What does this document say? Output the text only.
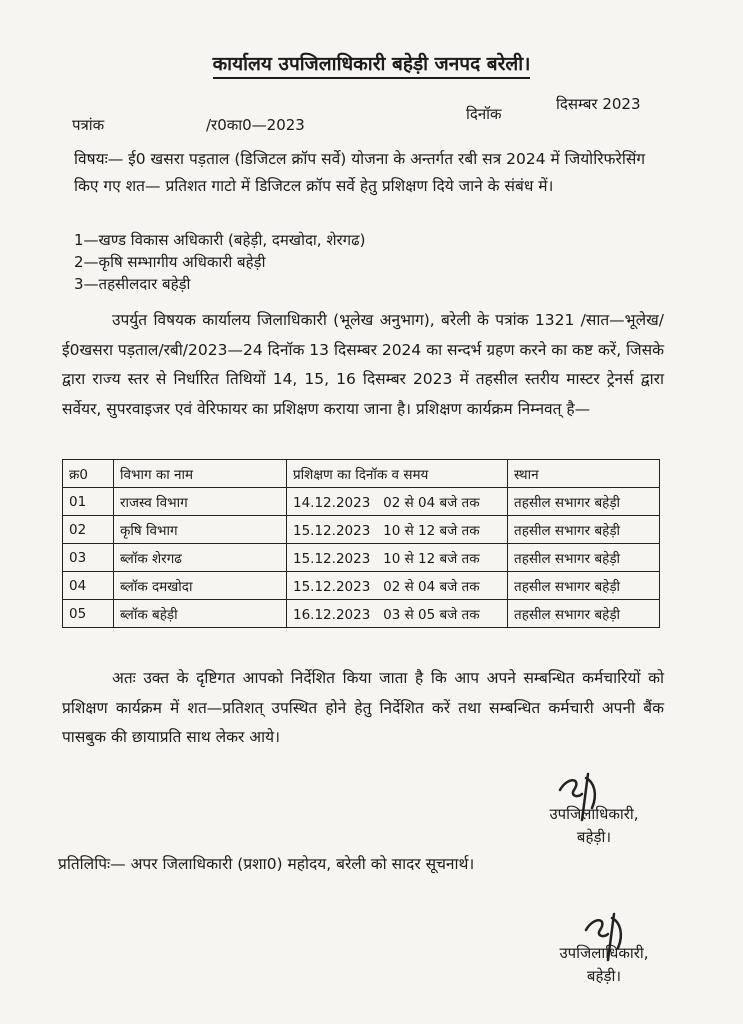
कार्यालय उपजिलाधिकारी बहेड़ी जनपद बरेली।
पत्रांक	/र0का0—2023
दिनॉक
दिसम्बर 2023
विषयः— ई0 खसरा पड़ताल (डिजिटल क्रॉप सर्वे) योजना के अन्तर्गत रबी सत्र 2024 में जियोरिफरेसिंग किए गए शत— प्रतिशत गाटो में डिजिटल क्रॉप सर्वे हेतु प्रशिक्षण दिये जाने के संबंध में।
1—खण्ड विकास अधिकारी (बहेड़ी, दमखोदा, शेरगढ)
2—कृषि सम्भागीय अधिकारी बहेड़ी
3—तहसीलदार बहेड़ी
उपर्युत विषयक कार्यालय जिलाधिकारी (भूलेख अनुभाग), बरेली के पत्रांक 1321 /सात—भूलेख/ई0खसरा पड़ताल/रबी/2023—24 दिनॉक 13 दिसम्बर 2024 का सन्दर्भ ग्रहण करने का कष्ट करें, जिसके द्वारा राज्य स्तर से निर्धारित तिथियों 14, 15, 16 दिसम्बर 2023 में तहसील स्तरीय मास्टर ट्रेनर्स द्वारा सर्वेयर, सुपरवाइजर एवं वेरिफायर का प्रशिक्षण कराया जाना है। प्रशिक्षण कार्यक्रम निम्नवत् है—
क्र0	विभाग का नाम	प्रशिक्षण का दिनॉक व समय	स्थान
01	राजस्व विभाग	14.12.2023   02 से 04 बजे तक	तहसील सभागर बहेड़ी
02	कृषि विभाग	15.12.2023   10 से 12 बजे तक	तहसील सभागर बहेड़ी
03	ब्लॉक शेरगढ	15.12.2023   10 से 12 बजे तक	तहसील सभागर बहेड़ी
04	ब्लॉक दमखोदा	15.12.2023   02 से 04 बजे तक	तहसील सभागर बहेड़ी
05	ब्लॉक बहेड़ी	16.12.2023   03 से 05 बजे तक	तहसील सभागर बहेड़ी
अतः उक्त के दृष्टिगत आपको निर्देशित किया जाता है कि आप अपने सम्बन्धित कर्मचारियों को प्रशिक्षण कार्यक्रम में शत—प्रतिशत् उपस्थित होने हेतु निर्देशित करें तथा सम्बन्धित कर्मचारी अपनी बैंक पासबुक की छायाप्रति साथ लेकर आये।
उपजिलाधिकारी,
बहेड़ी।
प्रतिलिपिः— अपर जिलाधिकारी (प्रशा0) महोदय, बरेली को सादर सूचनार्थ।
उपजिलाधिकारी,
बहेड़ी।
